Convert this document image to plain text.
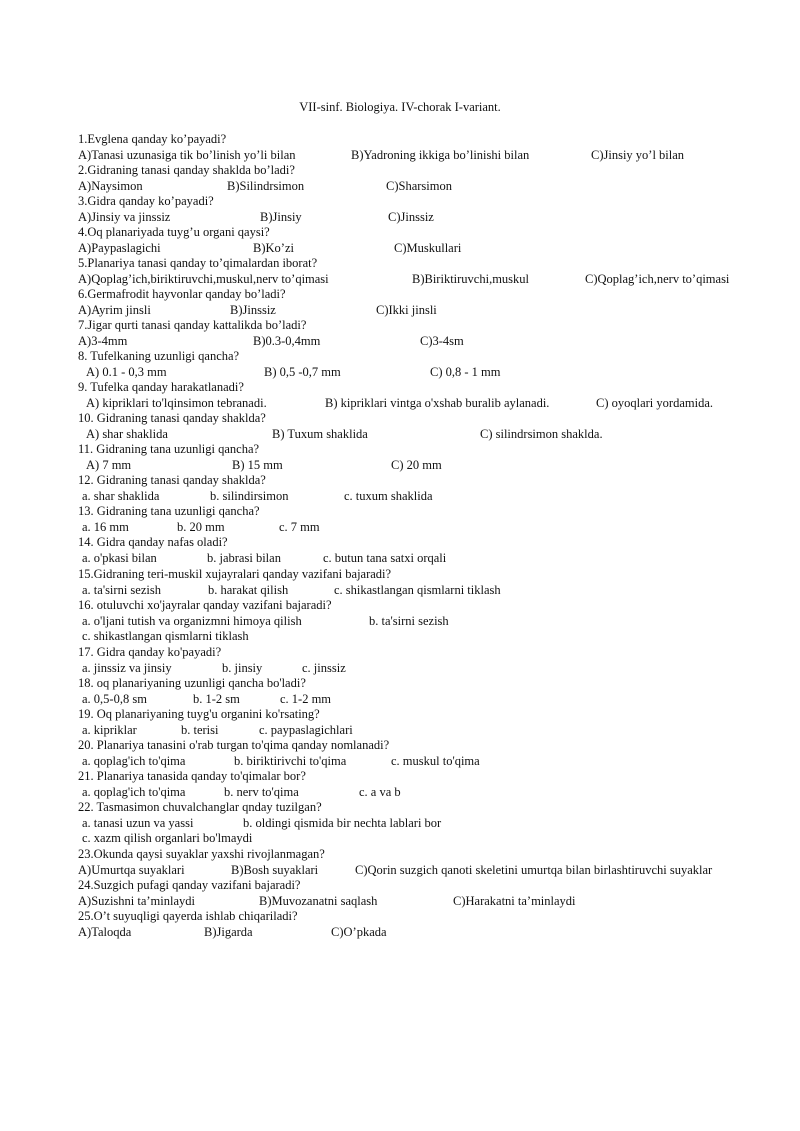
VII-sinf. Biologiya. IV-chorak I-variant.
1.Evglena qanday ko’payadi?
A)Tanasi uzunasiga tik bo’linish yo’li bilan	B)Yadroning ikkiga bo’linishi bilan	C)Jinsiy yo’l bilan
2.Gidraning tanasi qanday shaklda bo’ladi?
A)Naysimon	B)Silindrsimon	C)Sharsimon
3.Gidra qanday ko’payadi?
A)Jinsiy va jinssiz	B)Jinsiy	C)Jinssiz
4.Oq planariyada tuyg’u organi qaysi?
A)Paypaslagichi	B)Ko’zi	C)Muskullari
5.Planariya tanasi qanday to’qimalardan iborat?
A)Qoplag’ich,biriktiruvchi,muskul,nerv to’qimasi	B)Biriktiruvchi,muskul	C)Qoplag’ich,nerv to’qimasi
6.Germafrodit hayvonlar qanday bo’ladi?
A)Ayrim jinsli	B)Jinssiz	C)Ikki jinsli
7.Jigar qurti tanasi qanday kattalikda bo’ladi?
A)3-4mm	B)0.3-0,4mm	C)3-4sm
8. Tufelkaning uzunligi qancha?
A) 0.1 - 0,3 mm	B) 0,5 -0,7 mm	C) 0,8 - 1 mm
9. Tufelka qanday harakatlanadi?
A) kipriklari to'lqinsimon tebranadi.	B) kipriklari vintga o'xshab buralib aylanadi.	C) oyoqlari yordamida.
10. Gidraning tanasi qanday shaklda?
A) shar shaklida	B) Tuxum shaklida	C) silindrsimon shaklda.
11. Gidraning tana uzunligi qancha?
A) 7 mm	B) 15 mm	C) 20 mm
12. Gidraning tanasi qanday shaklda?
a. shar shaklida	b. silindirsimon	c. tuxum shaklida
13. Gidraning tana uzunligi qancha?
a. 16 mm	b. 20 mm	c. 7 mm
14. Gidra qanday nafas oladi?
a. o'pkasi bilan	b. jabrasi bilan	c. butun tana satxi orqali
15.Gidraning teri-muskil xujayralari qanday vazifani bajaradi?
a. ta'sirni sezish	b. harakat qilish	c. shikastlangan qismlarni tiklash
16. otuluvchi xo'jayralar qanday vazifani bajaradi?
a. o'ljani tutish va organizmni himoya qilish	b. ta'sirni sezish
c. shikastlangan qismlarni tiklash
17. Gidra qanday ko'payadi?
a. jinssiz va jinsiy	b. jinsiy	c. jinssiz
18. oq planariyaning uzunligi qancha bo'ladi?
a. 0,5-0,8 sm	b. 1-2 sm	c. 1-2 mm
19. Oq planariyaning tuyg'u organini ko'rsating?
a. kipriklar	b. terisi	c. paypaslagichlari
20. Planariya tanasini o'rab turgan to'qima qanday nomlanadi?
a. qoplag'ich to'qima	b. biriktirivchi to'qima	c. muskul to'qima
21. Planariya tanasida qanday to'qimalar bor?
a. qoplag'ich to'qima	b. nerv to'qima	c. a va b
22. Tasmasimon chuvalchanglar qnday tuzilgan?
a. tanasi uzun va yassi	b. oldingi qismida bir nechta lablari bor
c. xazm qilish organlari bo'lmaydi
23.Okunda qaysi suyaklar yaxshi rivojlanmagan?
A)Umurtqa suyaklari	B)Bosh suyaklari	C)Qorin suzgich qanoti skeletini umurtqa bilan birlashtiruvchi suyaklar
24.Suzgich pufagi qanday vazifani bajaradi?
A)Suzishni ta’minlaydi	B)Muvozanatni saqlash	C)Harakatni ta’minlaydi
25.O’t suyuqligi qayerda ishlab chiqariladi?
A)Taloqda	B)Jigarda	C)O’pkada
